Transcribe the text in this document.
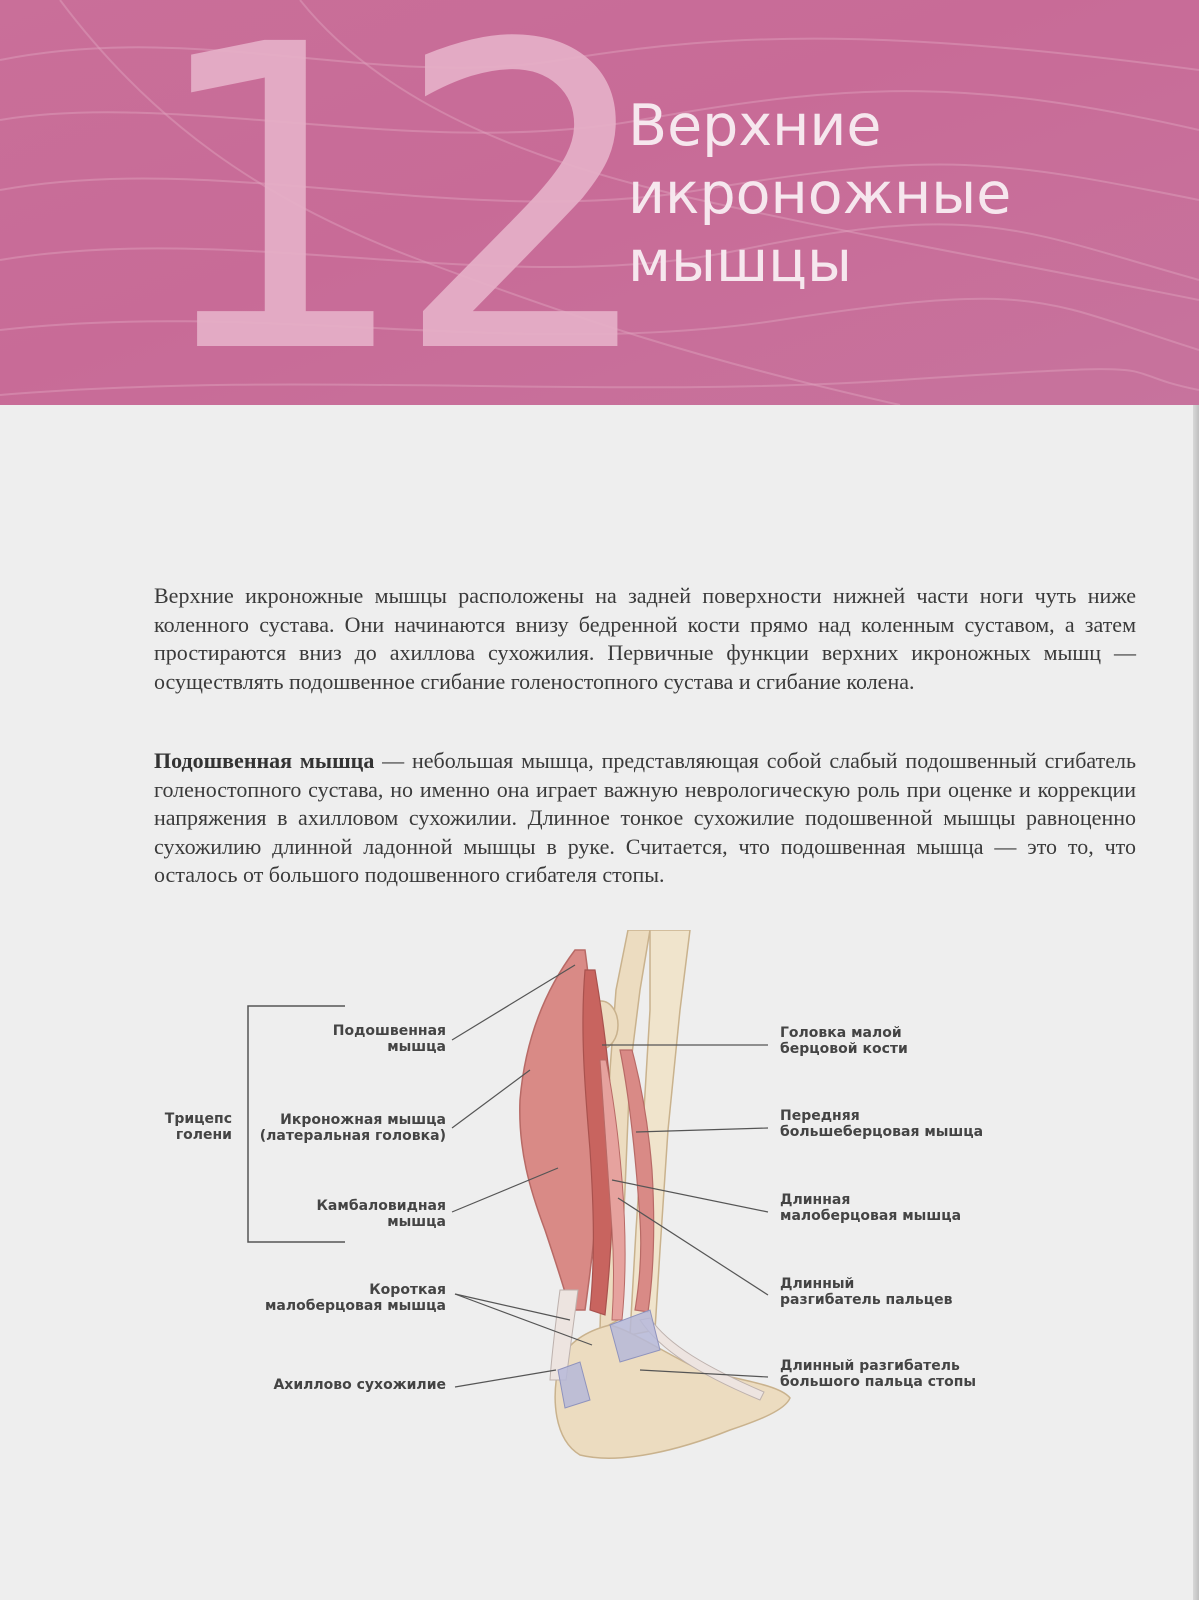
12
Верхние
икроножные
мышцы

Верхние икроножные мышцы расположены на задней поверхности нижней части ноги чуть ниже коленного сустава. Они начинаются внизу бедренной кости прямо над коленным суставом, а затем простираются вниз до ахиллова сухожилия. Первичные функции верхних икроножных мышц — осуществлять подошвенное сгибание голеностопного сустава и сгибание колена.

Подошвенная мышца — небольшая мышца, представляющая собой слабый подошвенный сгибатель голеностопного сустава, но именно она играет важную неврологическую роль при оценке и коррекции напряжения в ахилловом сухожилии. Длинное тонкое сухожилие подошвенной мышцы равноценно сухожилию длинной ладонной мышцы в руке. Считается, что подошвенная мышца — это то, что осталось от большого подошвенного сгибателя стопы.

Трицепс
голени
Подошвенная
мышца
Икроножная мышца
(латеральная головка)
Камбаловидная
мышца
Короткая
малоберцовая мышца
Ахиллово сухожилие
Головка малой
берцовой кости
Передняя
большеберцовая мышца
Длинная
малоберцовая мышца
Длинный
разгибатель пальцев
Длинный разгибатель
большого пальца стопы
